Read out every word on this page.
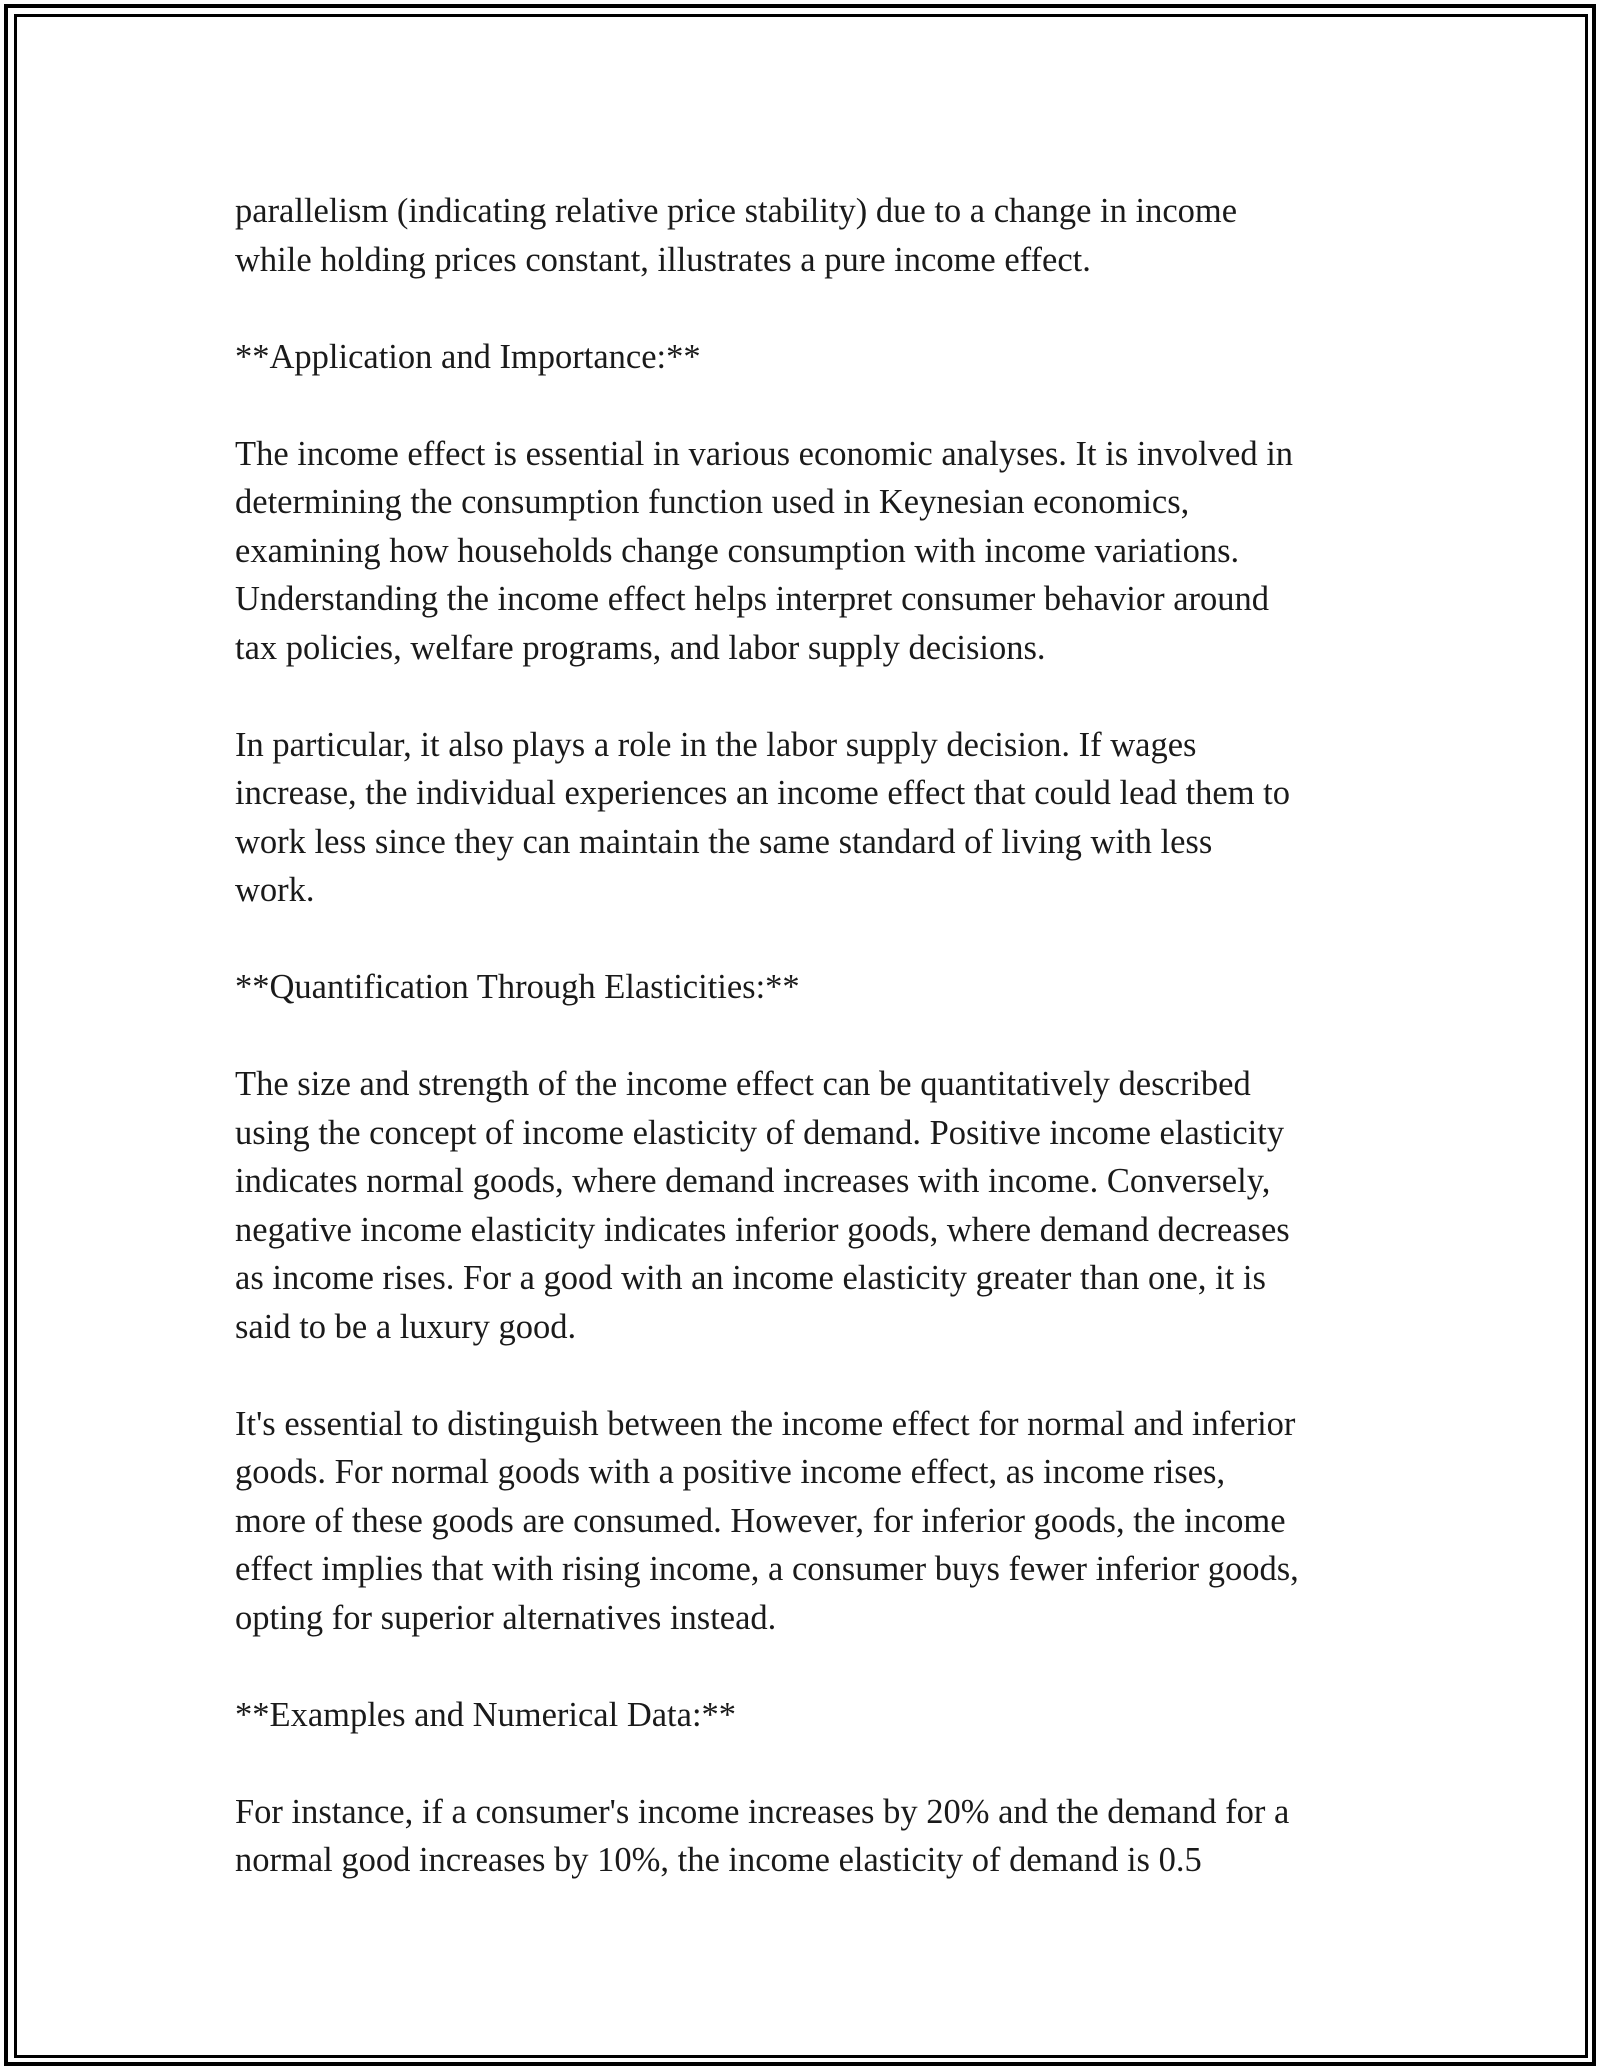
parallelism (indicating relative price stability) due to a change in income
while holding prices constant, illustrates a pure income effect.

**Application and Importance:**

The income effect is essential in various economic analyses. It is involved in
determining the consumption function used in Keynesian economics,
examining how households change consumption with income variations.
Understanding the income effect helps interpret consumer behavior around
tax policies, welfare programs, and labor supply decisions.

In particular, it also plays a role in the labor supply decision. If wages
increase, the individual experiences an income effect that could lead them to
work less since they can maintain the same standard of living with less
work.

**Quantification Through Elasticities:**

The size and strength of the income effect can be quantitatively described
using the concept of income elasticity of demand. Positive income elasticity
indicates normal goods, where demand increases with income. Conversely,
negative income elasticity indicates inferior goods, where demand decreases
as income rises. For a good with an income elasticity greater than one, it is
said to be a luxury good.

It's essential to distinguish between the income effect for normal and inferior
goods. For normal goods with a positive income effect, as income rises,
more of these goods are consumed. However, for inferior goods, the income
effect implies that with rising income, a consumer buys fewer inferior goods,
opting for superior alternatives instead.

**Examples and Numerical Data:**

For instance, if a consumer's income increases by 20% and the demand for a
normal good increases by 10%, the income elasticity of demand is 0.5
